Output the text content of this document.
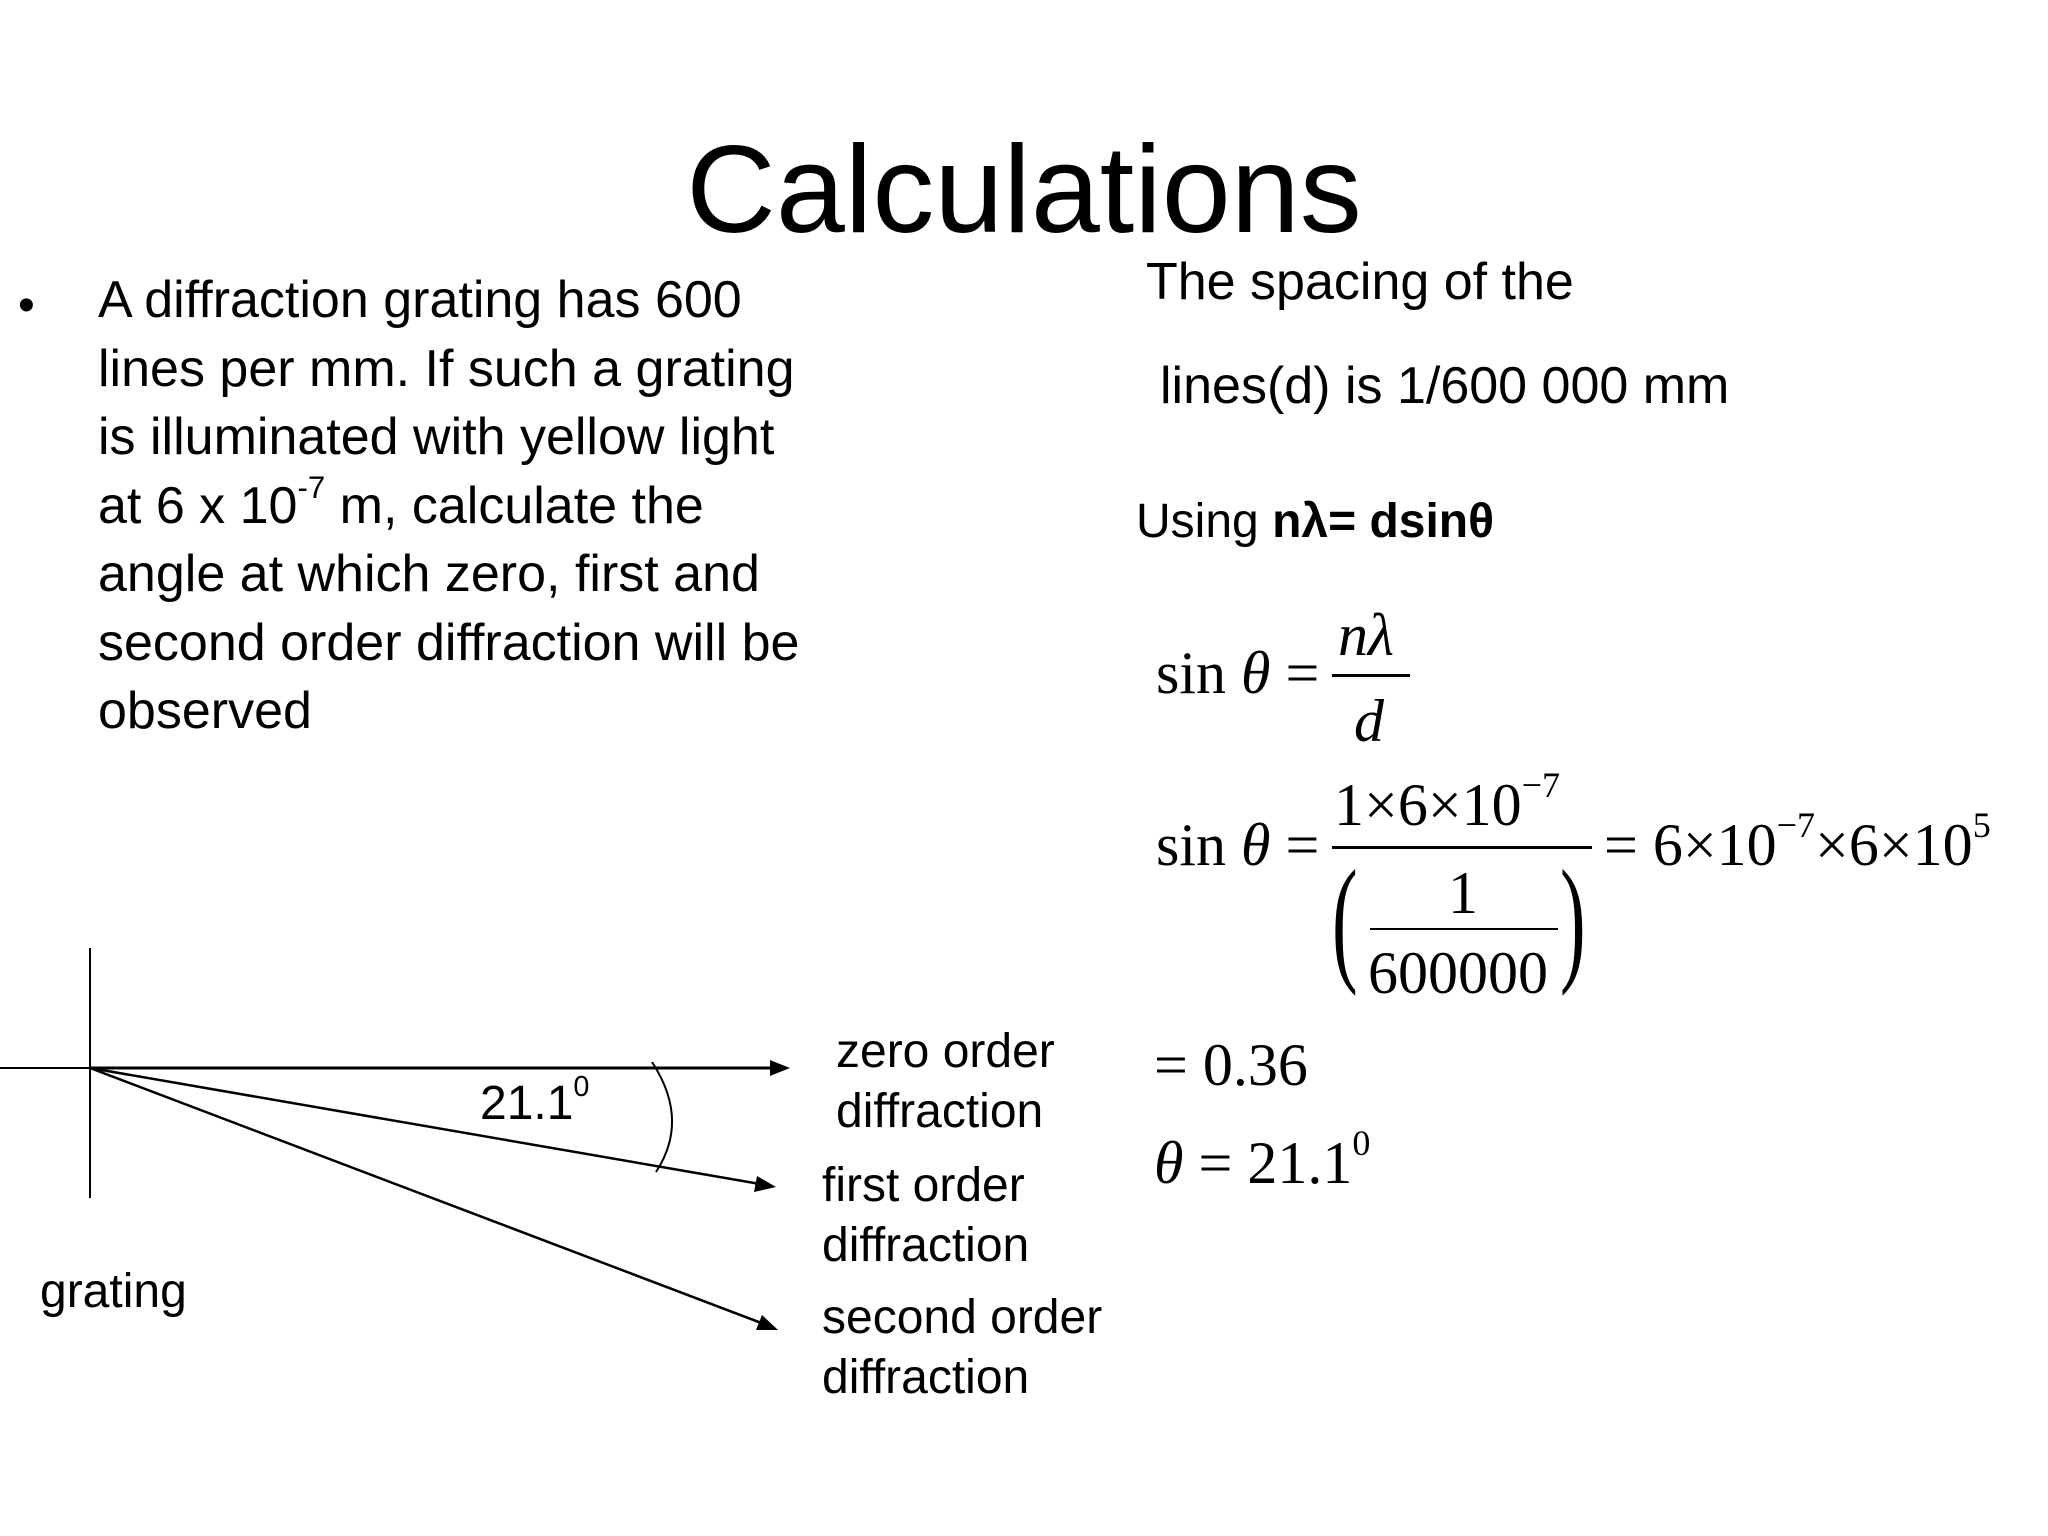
Calculations
• A diffraction grating has 600
lines per mm. If such a grating
is illuminated with yellow light
at 6 x $10^{-7}$ m, calculate the
angle at which zero, first and
second order diffraction will be
observed
The spacing of the
lines(d) is 1/600 000 mm
Using nλ= dsinθ
sin θ =
nλ
d
sin θ =
$1\times 6\times 10^{-7}$
( 1
600000 ) = $6\times 10^{-7}\times 6\times 10^5$
= 0.36
$\theta = 21.1^0$
21.1$^0$
zero order
diffraction
first order
diffraction
second order
diffraction
grating
